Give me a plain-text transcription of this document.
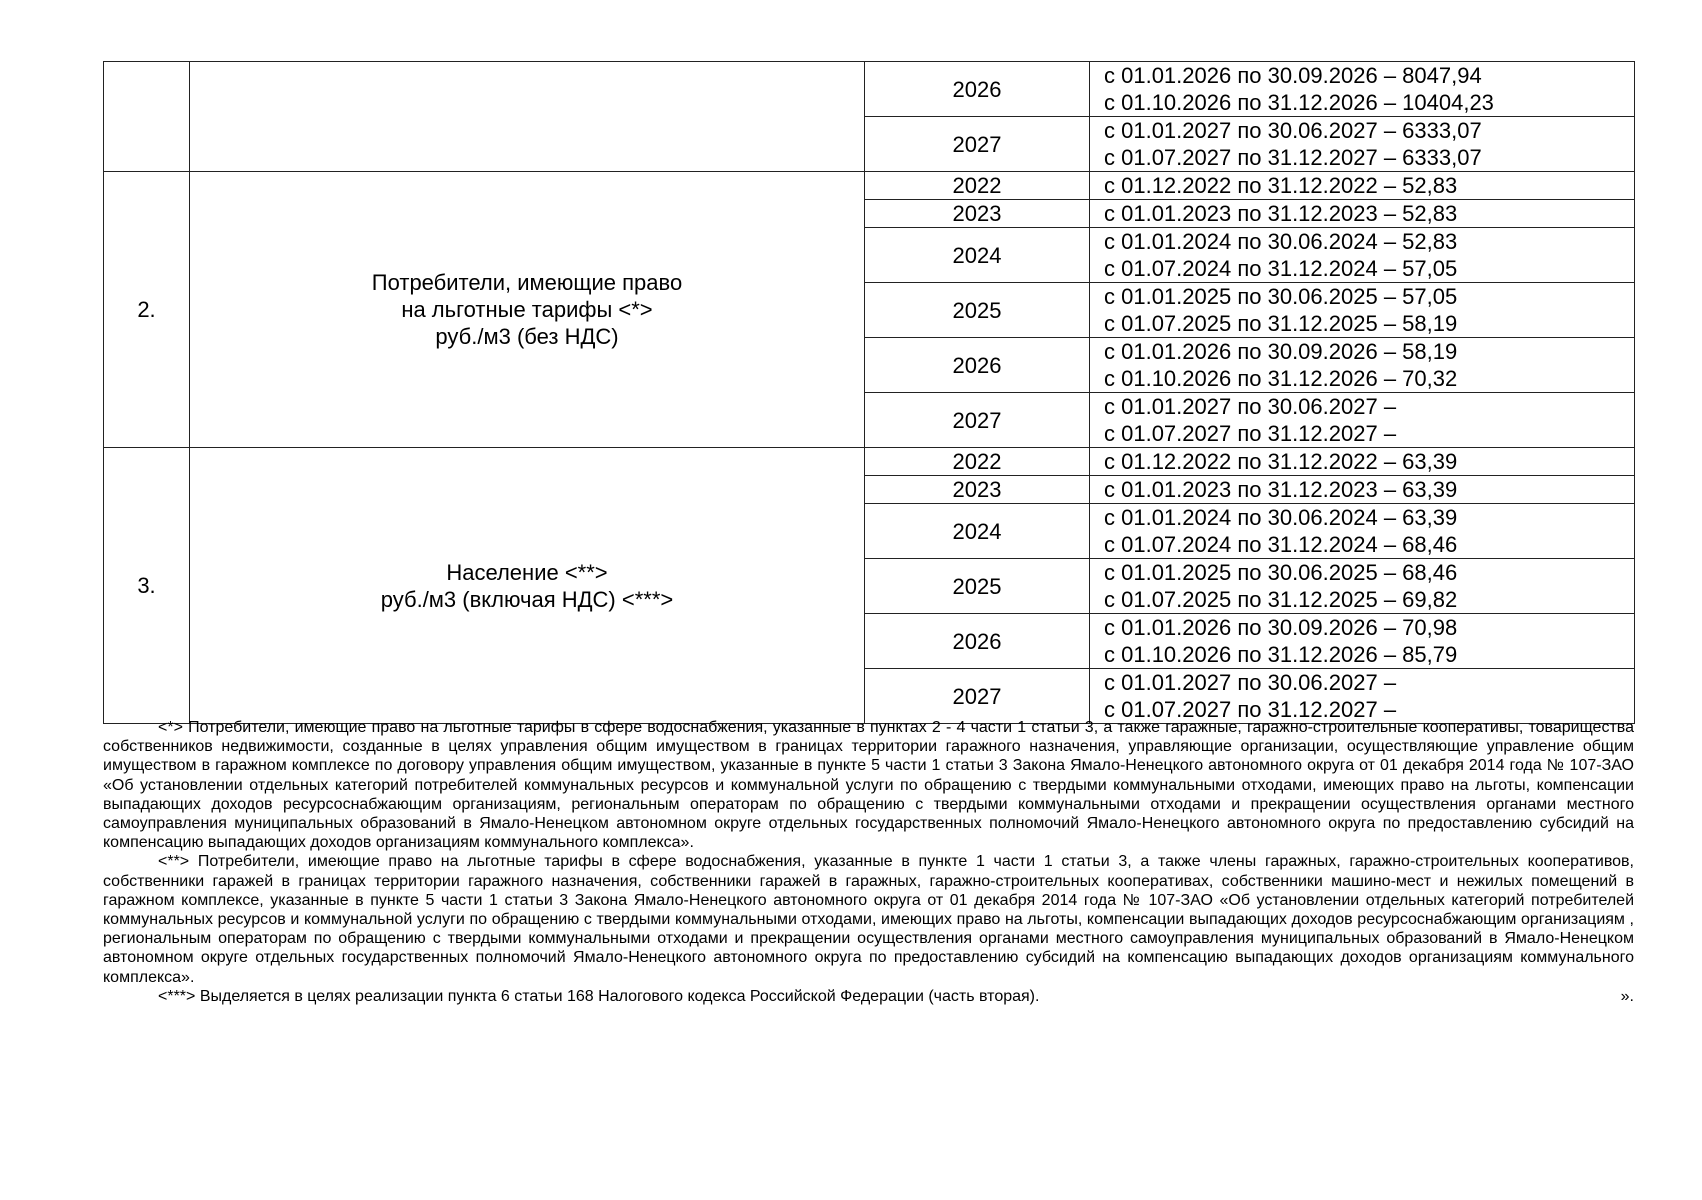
		2026	с 01.01.2026 по 30.09.2026 – 8047,94
с 01.10.2026 по 31.12.2026 – 10404,23

		2027	с 01.01.2027 по 30.06.2027 – 6333,07
с 01.07.2027 по 31.12.2027 – 6333,07

2.	Потребители, имеющие право
на льготные тарифы <*>
руб./м3 (без НДС)	2022	с 01.12.2022 по 31.12.2022 – 52,83

		2023	с 01.01.2023 по 31.12.2023 – 52,83

		2024	с 01.01.2024 по 30.06.2024 – 52,83
с 01.07.2024 по 31.12.2024 – 57,05

		2025	с 01.01.2025 по 30.06.2025 – 57,05
с 01.07.2025 по 31.12.2025 – 58,19

		2026	с 01.01.2026 по 30.09.2026 – 58,19
с 01.10.2026 по 31.12.2026 – 70,32

		2027	с 01.01.2027 по 30.06.2027 –
с 01.07.2027 по 31.12.2027 –

3.	Население <**>
руб./м3 (включая НДС) <***>	2022	с 01.12.2022 по 31.12.2022 – 63,39

		2023	с 01.01.2023 по 31.12.2023 – 63,39

		2024	с 01.01.2024 по 30.06.2024 – 63,39
с 01.07.2024 по 31.12.2024 – 68,46

		2025	с 01.01.2025 по 30.06.2025 – 68,46
с 01.07.2025 по 31.12.2025 – 69,82

		2026	с 01.01.2026 по 30.09.2026 – 70,98
с 01.10.2026 по 31.12.2026 – 85,79

		2027	с 01.01.2027 по 30.06.2027 –
с 01.07.2027 по 31.12.2027 –

<*> Потребители, имеющие право на льготные тарифы в сфере водоснабжения, указанные в пунктах 2 - 4 части 1 статьи 3, а также гаражные, гаражно-строительные кооперативы, товарищества собственников недвижимости, созданные в целях управления общим имуществом в границах территории гаражного назначения, управляющие организации, осуществляющие управление общим имуществом в гаражном комплексе по договору управления общим имуществом, указанные в пункте 5 части 1 статьи 3 Закона Ямало-Ненецкого автономного округа от 01 декабря 2014 года № 107-ЗАО «Об установлении отдельных категорий потребителей коммунальных ресурсов и коммунальной услуги по обращению с твердыми коммунальными отходами, имеющих право на льготы, компенсации выпадающих доходов ресурсоснабжающим организациям, региональным операторам по обращению с твердыми коммунальными отходами и прекращении осуществления органами местного самоуправления муниципальных образований в Ямало-Ненецком автономном округе отдельных государственных полномочий Ямало-Ненецкого автономного округа по предоставлению субсидий на компенсацию выпадающих доходов организациям коммунального комплекса».

<**> Потребители, имеющие право на льготные тарифы в сфере водоснабжения, указанные в пункте 1 части 1 статьи 3, а также члены гаражных, гаражно-строительных кооперативов, собственники гаражей в границах территории гаражного назначения, собственники гаражей в гаражных, гаражно-строительных кооперативах, собственники машино-мест и нежилых помещений в гаражном комплексе, указанные в пункте 5 части 1 статьи 3 Закона Ямало-Ненецкого автономного округа от 01 декабря 2014 года № 107-ЗАО «Об установлении отдельных категорий потребителей коммунальных ресурсов и коммунальной услуги по обращению с твердыми коммунальными отходами, имеющих право на льготы, компенсации выпадающих доходов ресурсоснабжающим организациям , региональным операторам по обращению с твердыми коммунальными отходами и прекращении осуществления органами местного самоуправления муниципальных образований в Ямало-Ненецком автономном округе отдельных государственных полномочий Ямало-Ненецкого автономного округа по предоставлению субсидий на компенсацию выпадающих доходов организациям коммунального комплекса».

<***> Выделяется в целях реализации пункта 6 статьи 168 Налогового кодекса Российской Федерации (часть вторая).	».
